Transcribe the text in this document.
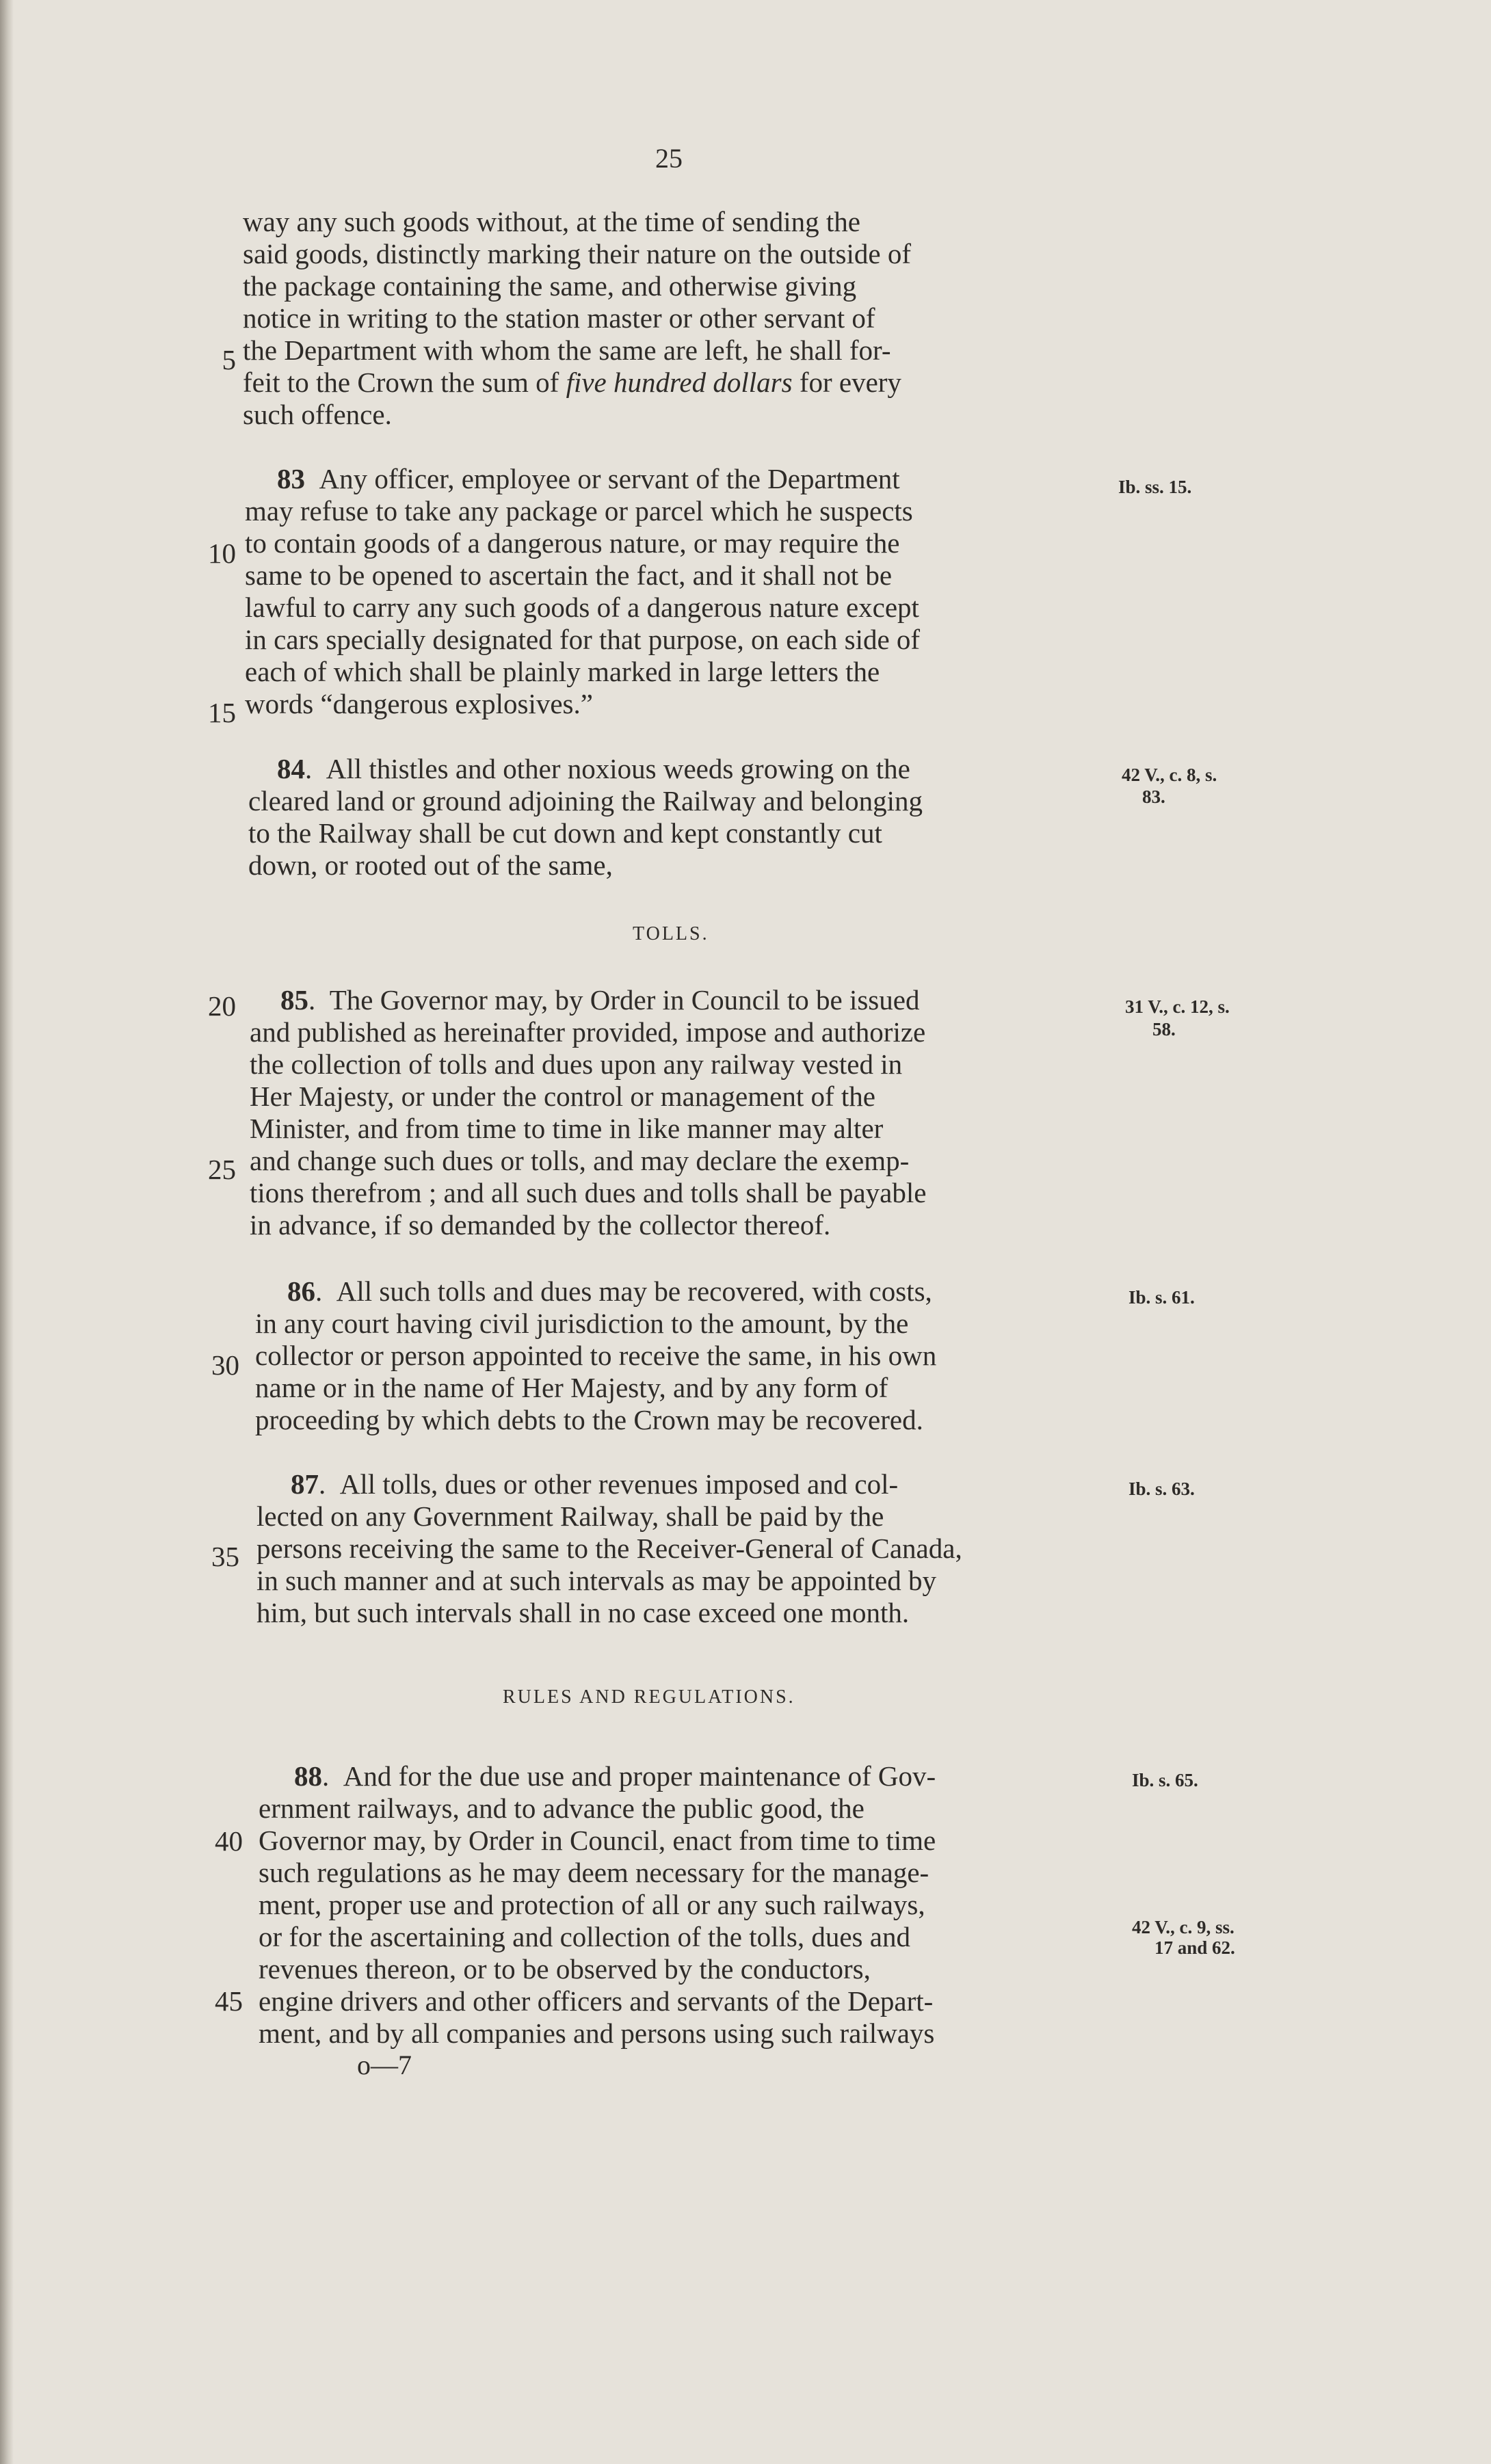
25
way any such goods without, at the time of sending the
said goods, distinctly marking their nature on the outside of
the package containing the same, and otherwise giving
notice in writing to the station master or other servant of
5 the Department with whom the same are left, he shall for-
feit to the Crown the sum of five hundred dollars for every
such offence.
83 Any officer, employee or servant of the Department	Ib. ss. 15.
may refuse to take any package or parcel which he suspects
10 to contain goods of a dangerous nature, or may require the
same to be opened to ascertain the fact, and it shall not be
lawful to carry any such goods of a dangerous nature except
in cars specially designated for that purpose, on each side of
each of which shall be plainly marked in large letters the
15 words “dangerous explosives.”
84.  All thistles and other noxious weeds growing on the	42 V., c. 8, s.
83.
cleared land or ground adjoining the Railway and belonging
to the Railway shall be cut down and kept constantly cut
down, or rooted out of the same,
TOLLS.
20 85.  The Governor may, by Order in Council to be issued	31 V., c. 12, s.
58.
and published as hereinafter provided, impose and authorize
the collection of tolls and dues upon any railway vested in
Her Majesty, or under the control or management of the
Minister, and from time to time in like manner may alter
25 and change such dues or tolls, and may declare the exemp-
tions therefrom ; and all such dues and tolls shall be payable
in advance, if so demanded by the collector thereof.
86.  All such tolls and dues may be recovered, with costs,	Ib. s. 61.
in any court having civil jurisdiction to the amount, by the
30 collector or person appointed to receive the same, in his own
name or in the name of Her Majesty, and by any form of
proceeding by which debts to the Crown may be recovered.
87.  All tolls, dues or other revenues imposed and col-	Ib. s. 63.
lected on any Government Railway, shall be paid by the
35 persons receiving the same to the Receiver-General of Canada,
in such manner and at such intervals as may be appointed by
him, but such intervals shall in no case exceed one month.
RULES AND REGULATIONS.
88.  And for the due use and proper maintenance of Gov-	Ib. s. 65.
ernment railways, and to advance the public good, the
40 Governor may, by Order in Council, enact from time to time
such regulations as he may deem necessary for the manage-
ment, proper use and protection of all or any such railways,
or for the ascertaining and collection of the tolls, dues and	42 V., c. 9, ss.
17 and 62.
revenues thereon, or to be observed by the conductors,
45 engine drivers and other officers and servants of the Depart-
ment, and by all companies and persons using such railways
o—7
